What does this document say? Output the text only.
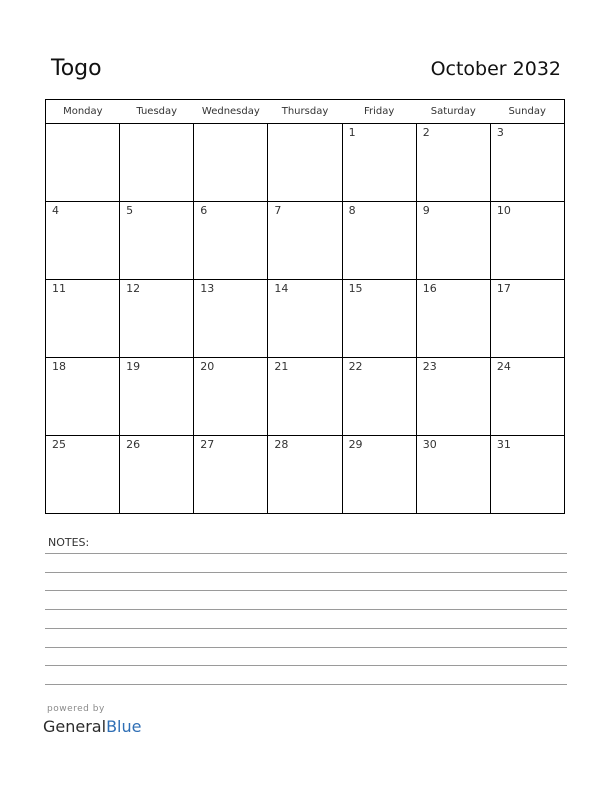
Togo	October 2032
Monday	Tuesday	Wednesday	Thursday	Friday	Saturday	Sunday

				1	2	3

4	5	6	7	8	9	10

11	12	13	14	15	16	17

18	19	20	21	22	23	24

25	26	27	28	29	30	31
NOTES:
powered by
GeneralBlue
